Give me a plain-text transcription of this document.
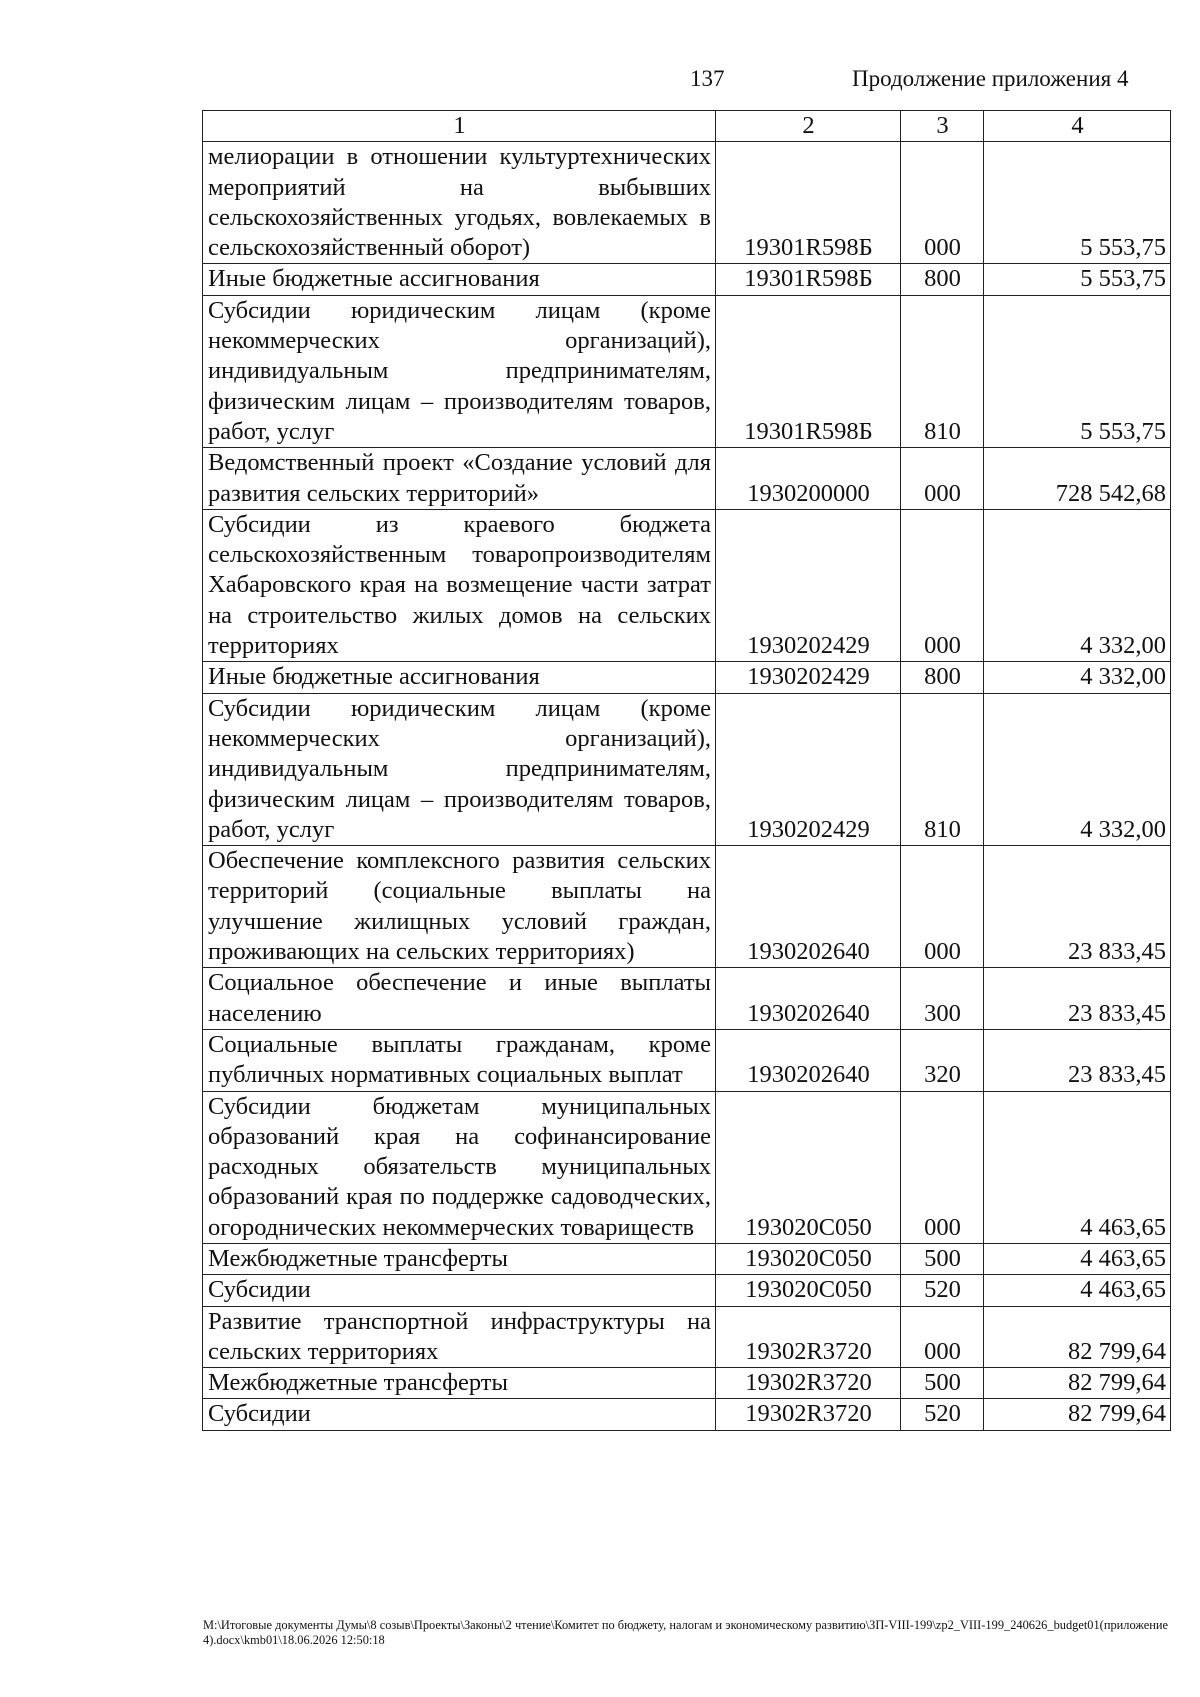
137	Продолжение приложения 4
1	2	3	4
мелиорации в отношении культуртехнических мероприятий на выбывших сельскохозяйственных угодьях, вовлекаемых в сельскохозяйственный оборот)	19301R598Б	000	5 553,75
Иные бюджетные ассигнования	19301R598Б	800	5 553,75
Субсидии юридическим лицам (кроме некоммерческих организаций), индивидуальным предпринимателям, физическим лицам – производителям товаров, работ, услуг	19301R598Б	810	5 553,75
Ведомственный проект «Создание условий для развития сельских территорий»	1930200000	000	728 542,68
Субсидии из краевого бюджета сельскохозяйственным товаропроизводителям Хабаровского края на возмещение части затрат на строительство жилых домов на сельских территориях	1930202429	000	4 332,00
Иные бюджетные ассигнования	1930202429	800	4 332,00
Субсидии юридическим лицам (кроме некоммерческих организаций), индивидуальным предпринимателям, физическим лицам – производителям товаров, работ, услуг	1930202429	810	4 332,00
Обеспечение комплексного развития сельских территорий (социальные выплаты на улучшение жилищных условий граждан, проживающих на сельских территориях)	1930202640	000	23 833,45
Социальное обеспечение и иные выплаты населению	1930202640	300	23 833,45
Социальные выплаты гражданам, кроме публичных нормативных социальных выплат	1930202640	320	23 833,45
Субсидии бюджетам муниципальных образований края на софинансирование расходных обязательств муниципальных образований края по поддержке садоводческих, огороднических некоммерческих товариществ	193020С050	000	4 463,65
Межбюджетные трансферты	193020С050	500	4 463,65
Субсидии	193020С050	520	4 463,65
Развитие транспортной инфраструктуры на сельских территориях	19302R3720	000	82 799,64
Межбюджетные трансферты	19302R3720	500	82 799,64
Субсидии	19302R3720	520	82 799,64
М:\Итоговые документы Думы\8 созыв\Проекты\Законы\2 чтение\Комитет по бюджету, налогам и экономическому развитию\ЗП-VIII-199\zp2_VIII-199_240626_budget01(приложение4).docx\kmb01\18.06.2026 12:50:18
